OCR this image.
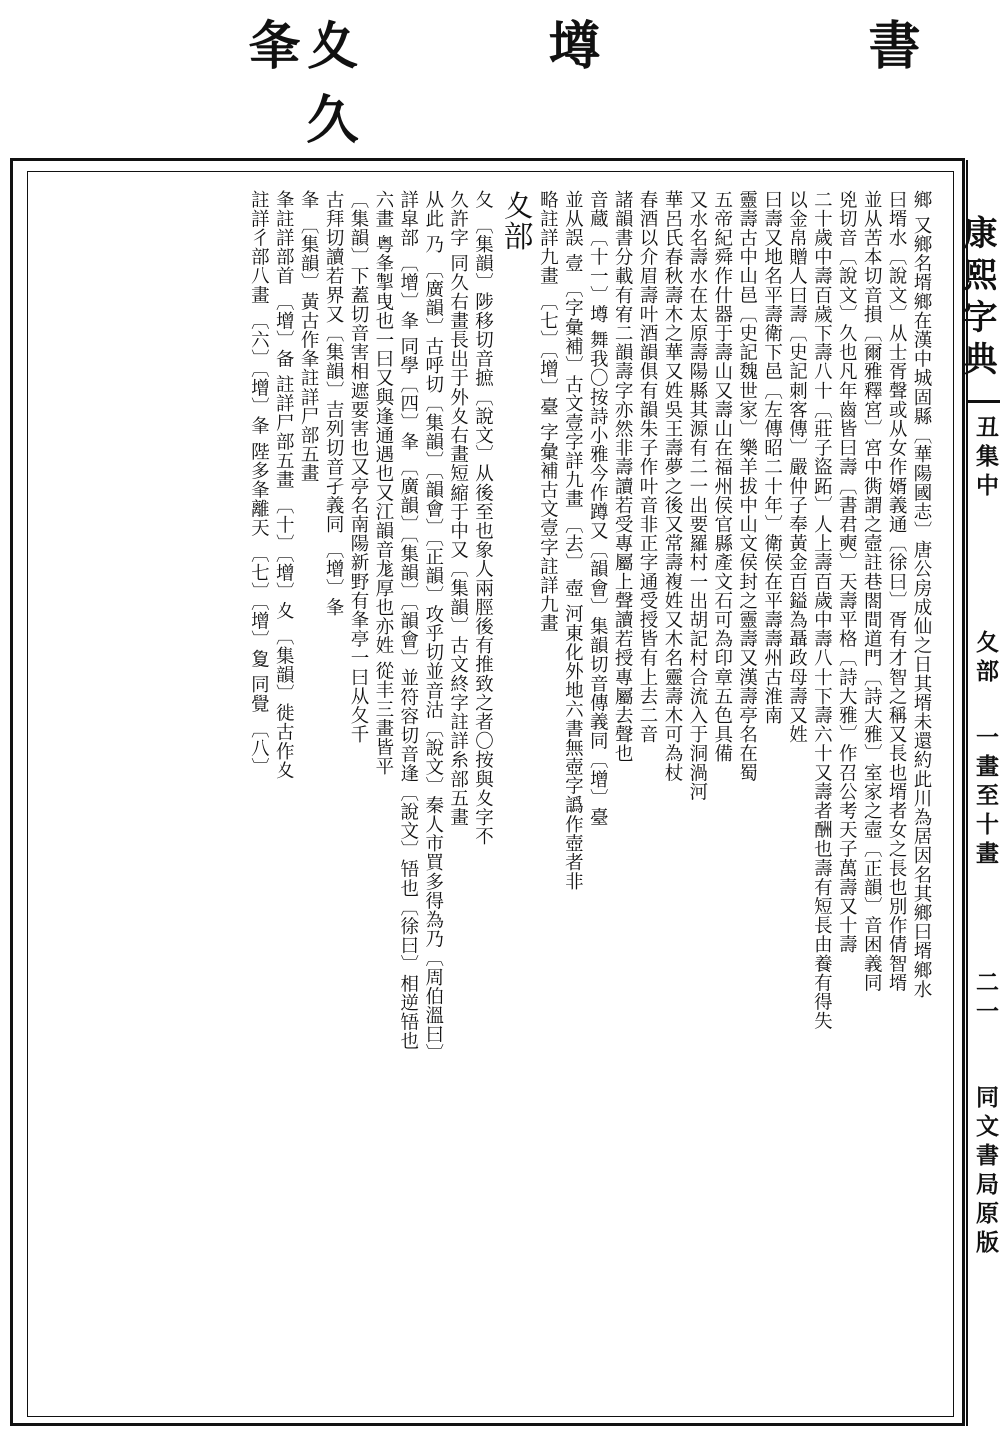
書
壿
夊 久 夆
鄉 又鄉名壻鄉在漢中城固縣〔華陽國志〕唐公房成仙之日其壻未還約此川為居因名其鄉曰壻鄉水
曰壻水〔說文〕从士胥聲或从女作婿義通〔徐曰〕胥有才智之稱又長也壻者女之長也別作倩智壻
並从苦本切音損〔爾雅釋宮〕宮中衖謂之壼註巷閤間道門〔詩大雅〕室家之壼〔正韻〕音困義同
兇切音〔說文〕久也凡年齒皆曰壽〔書君奭〕天壽平格〔詩大雅〕作召公考天子萬壽又十壽
二十歲中壽百歲下壽八十〔莊子盜跖〕人上壽百歲中壽八十下壽六十又壽者酬也壽有短長由養有得失
以金帛贈人曰壽〔史記刺客傳〕嚴仲子奉黃金百鎰為聶政母壽又姓
曰壽又地名平壽衛下邑〔左傳昭二十年〕衛侯在平壽壽州古淮南
靈壽古中山邑〔史記魏世家〕樂羊拔中山文侯封之靈壽又漢壽亭名在蜀
五帝紀舜作什器于壽山又壽山在福州侯官縣產文石可為印章五色具備
又水名壽水在太原壽陽縣其源有二一出要羅村一出胡記村合流入于洞渦河
華呂氏春秋壽木之華又姓吳王壽夢之後又常壽複姓又木名靈壽木可為杖
春酒以介眉壽叶酒韻俱有韻朱子作叶音非正字通受授皆有上去二音
諸韻書分載有宥二韻壽字亦然非壽讀若受專屬上聲讀若授專屬去聲也
音蔵〔十一〕壿 舞我〇按詩小雅今作蹲又〔韻會〕集韻切音傳義同〔增〕臺
並从誤 壹 〔字彙補〕古文壹字詳九畫 〔去〕 壺 河東化外地六書無壺字譌作壺者非
略註詳九畫 〔七〕〔增〕臺 字彙補古文壹字註詳九畫
夊部
夂 〔集韻〕陟移切音摭〔說文〕从後至也象人兩脛後有推致之者〇按與夊字不
久許字 同久右畫長出于外夊右畫短縮于中又〔集韻〕古文終字註詳糸部五畫
从此 乃 〔廣韻〕古呼切〔集韻〕〔韻會〕〔正韻〕攻乎切並音沽〔說文〕秦人市買多得為乃〔周伯溫曰〕
詳皐部 〔增〕夆 同學〔四〕夆 〔廣韻〕〔集韻〕〔韻會〕並符容切音逢〔說文〕啎也〔徐曰〕相逆啎也
六畫 粤夆掣曳也一曰又與逢通遇也又江韻音尨厚也亦姓 從丰三畫皆平
〔集韻〕下蓋切音害相遮要害也又亭名南陽新野有夆亭一曰从夂千
古拜切讀若界又〔集韻〕吉列切音孑義同 〔增〕夆
夆 〔集韻〕黃古作夆註詳尸部五畫
夆註詳部首 〔增〕备 註詳尸部五畫 〔十〕〔增〕夊 〔集韻〕徙古作夊
註詳彳部八畫 〔六〕〔增〕夆 陛多夆離天 〔七〕〔增〕夐 同覺 〔八〕	康熙字典
丑集中
夂部
一畫至十畫
二一
同文書局原版
